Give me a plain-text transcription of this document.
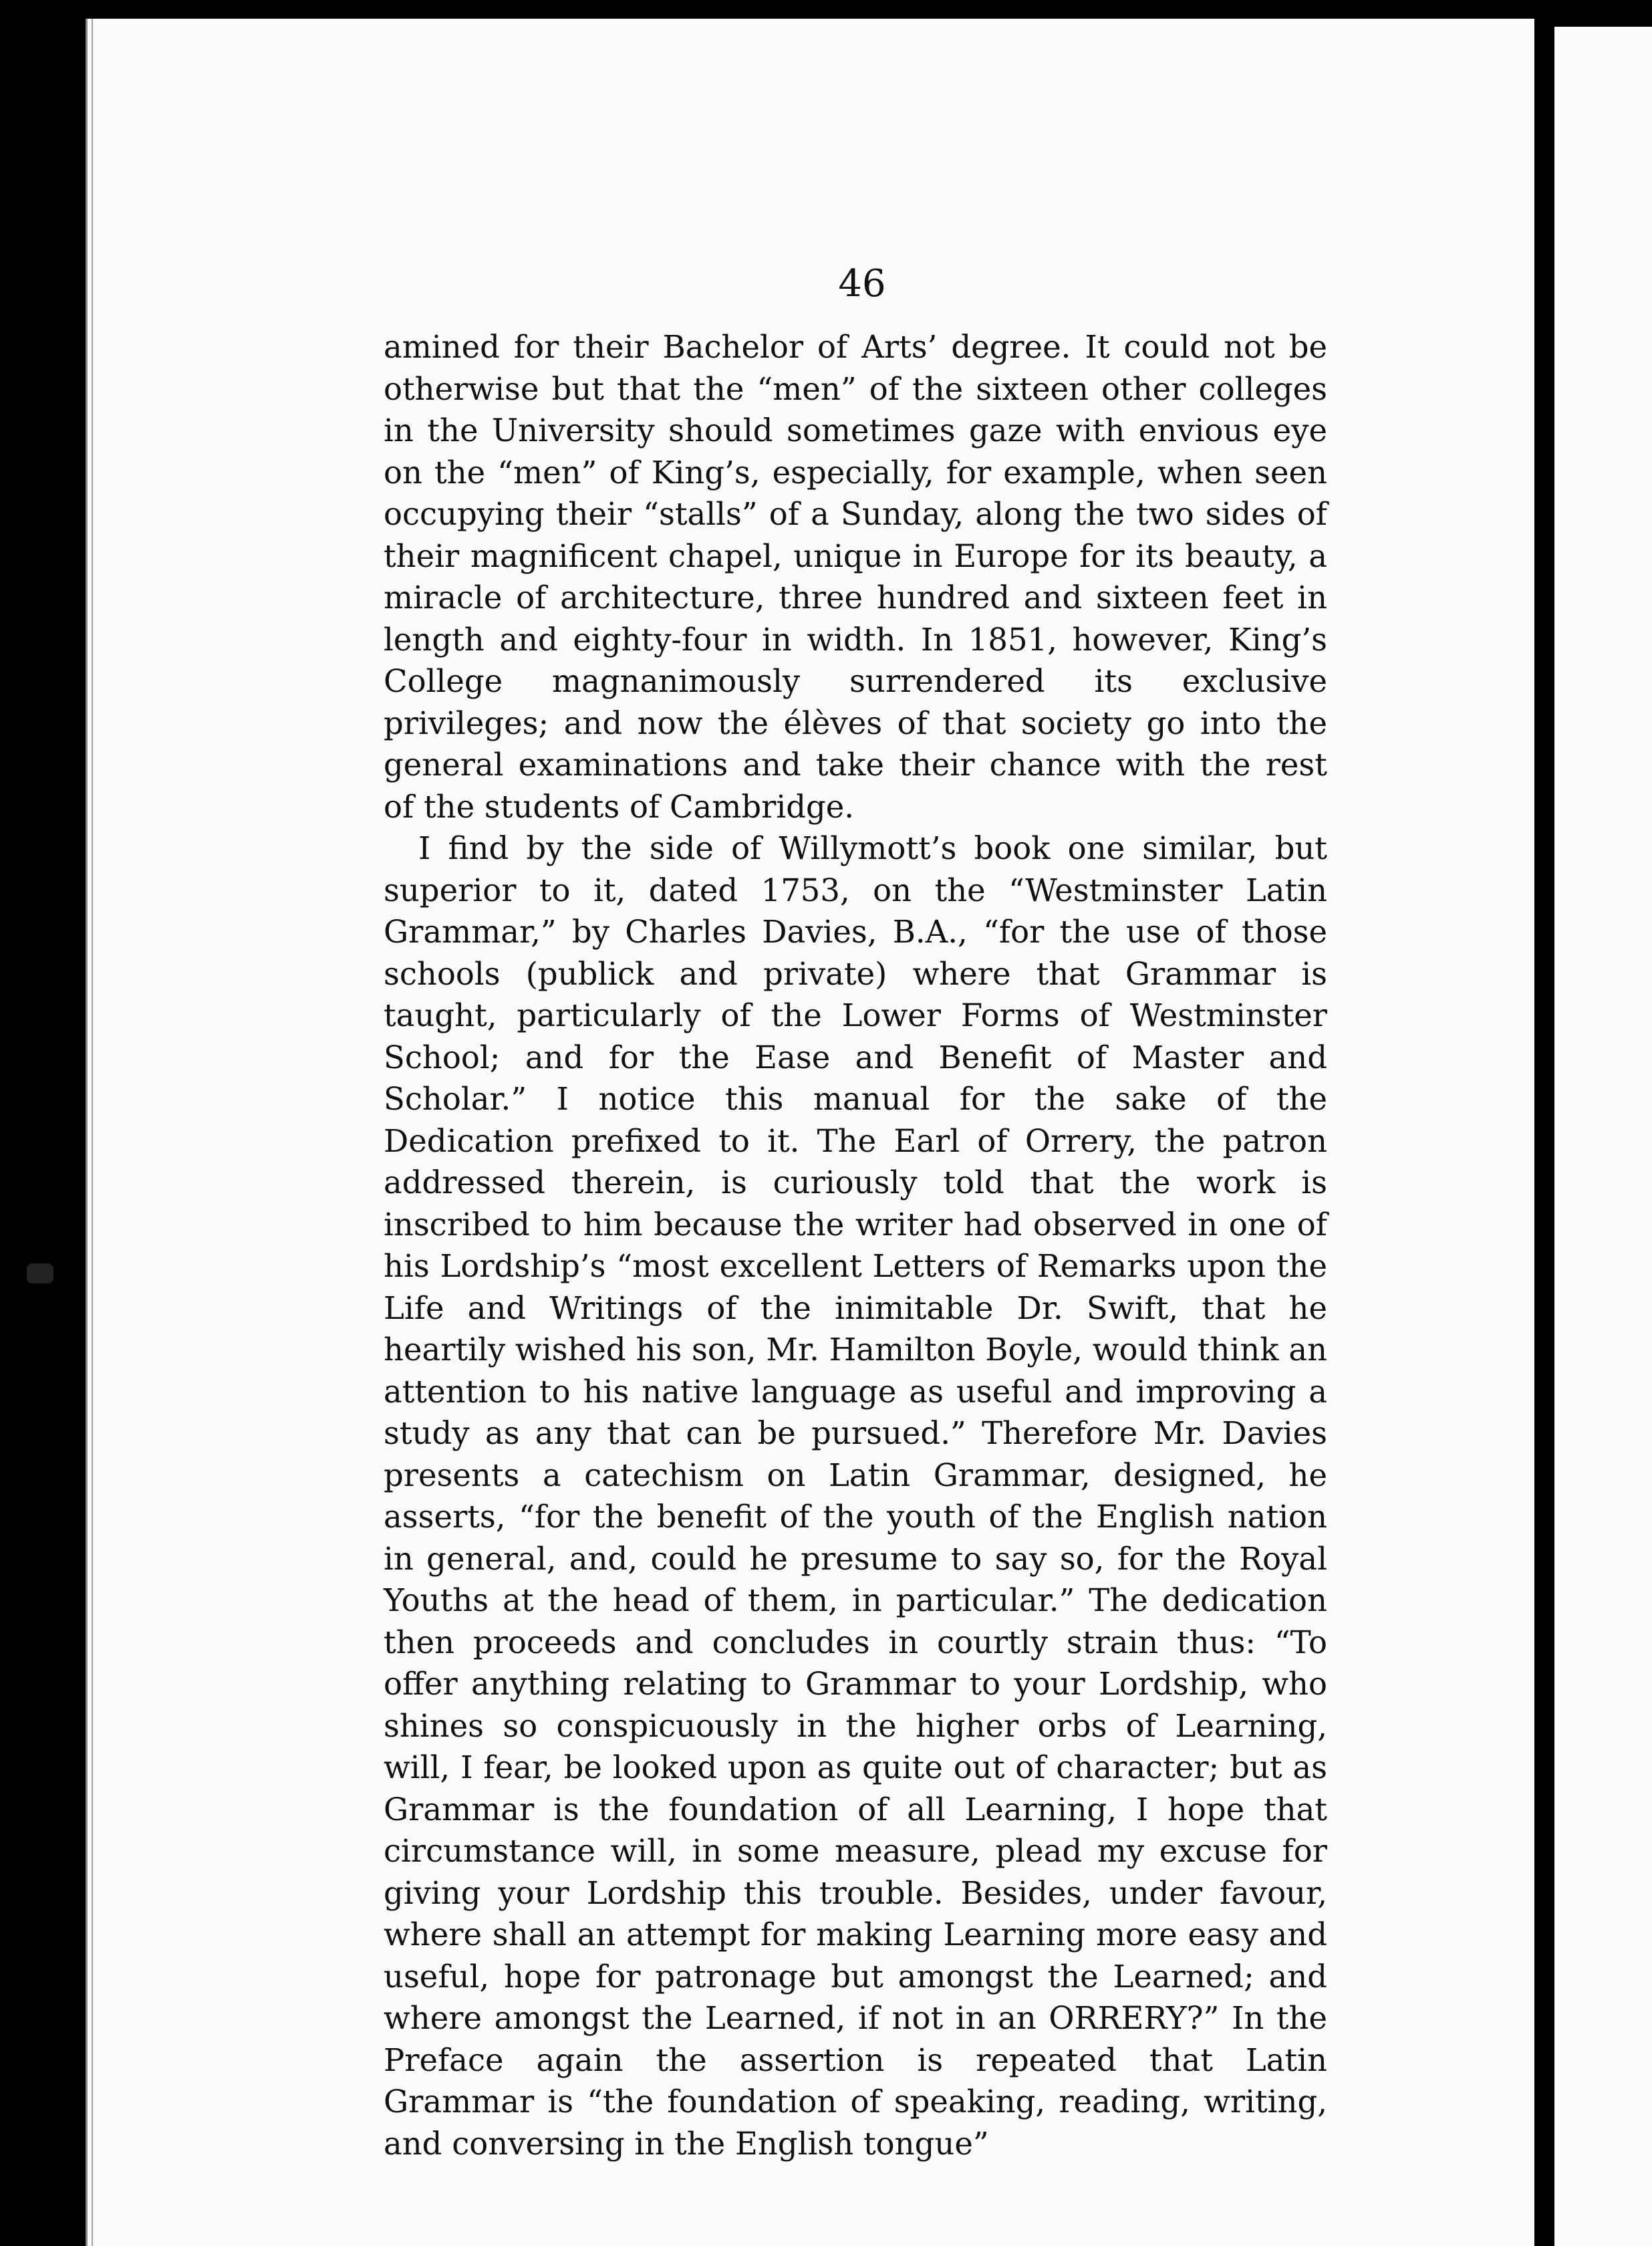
46

amined for their Bachelor of Arts’ degree. It could not be otherwise but that the “men” of the sixteen other colleges in the University should sometimes gaze with envious eye on the “men” of King’s, especially, for example, when seen occupying their “stalls” of a Sunday, along the two sides of their magnificent chapel, unique in Europe for its beauty, a miracle of architecture, three hundred and sixteen feet in length and eighty-four in width. In 1851, however, King’s College magnanimously surrendered its exclusive privileges; and now the élèves of that society go into the general examinations and take their chance with the rest of the students of Cambridge.

I find by the side of Willymott’s book one similar, but superior to it, dated 1753, on the “Westminster Latin Grammar,” by Charles Davies, B.A., “for the use of those schools (publick and private) where that Grammar is taught, particularly of the Lower Forms of Westminster School; and for the Ease and Benefit of Master and Scholar.” I notice this manual for the sake of the Dedication prefixed to it. The Earl of Orrery, the patron addressed therein, is curiously told that the work is inscribed to him because the writer had observed in one of his Lordship’s “most excellent Letters of Remarks upon the Life and Writings of the inimitable Dr. Swift, that he heartily wished his son, Mr. Hamilton Boyle, would think an attention to his native language as useful and improving a study as any that can be pursued.” Therefore Mr. Davies presents a catechism on Latin Grammar, designed, he asserts, “for the benefit of the youth of the English nation in general, and, could he presume to say so, for the Royal Youths at the head of them, in particular.” The dedication then proceeds and concludes in courtly strain thus: “To offer anything relating to Grammar to your Lordship, who shines so conspicuously in the higher orbs of Learning, will, I fear, be looked upon as quite out of character; but as Grammar is the foundation of all Learning, I hope that circumstance will, in some measure, plead my excuse for giving your Lordship this trouble. Besides, under favour, where shall an attempt for making Learning more easy and useful, hope for patronage but amongst the Learned; and where amongst the Learned, if not in an ORRERY?” In the Preface again the assertion is repeated that Latin Grammar is “the foundation of speaking, reading, writing, and conversing in the English tongue”
